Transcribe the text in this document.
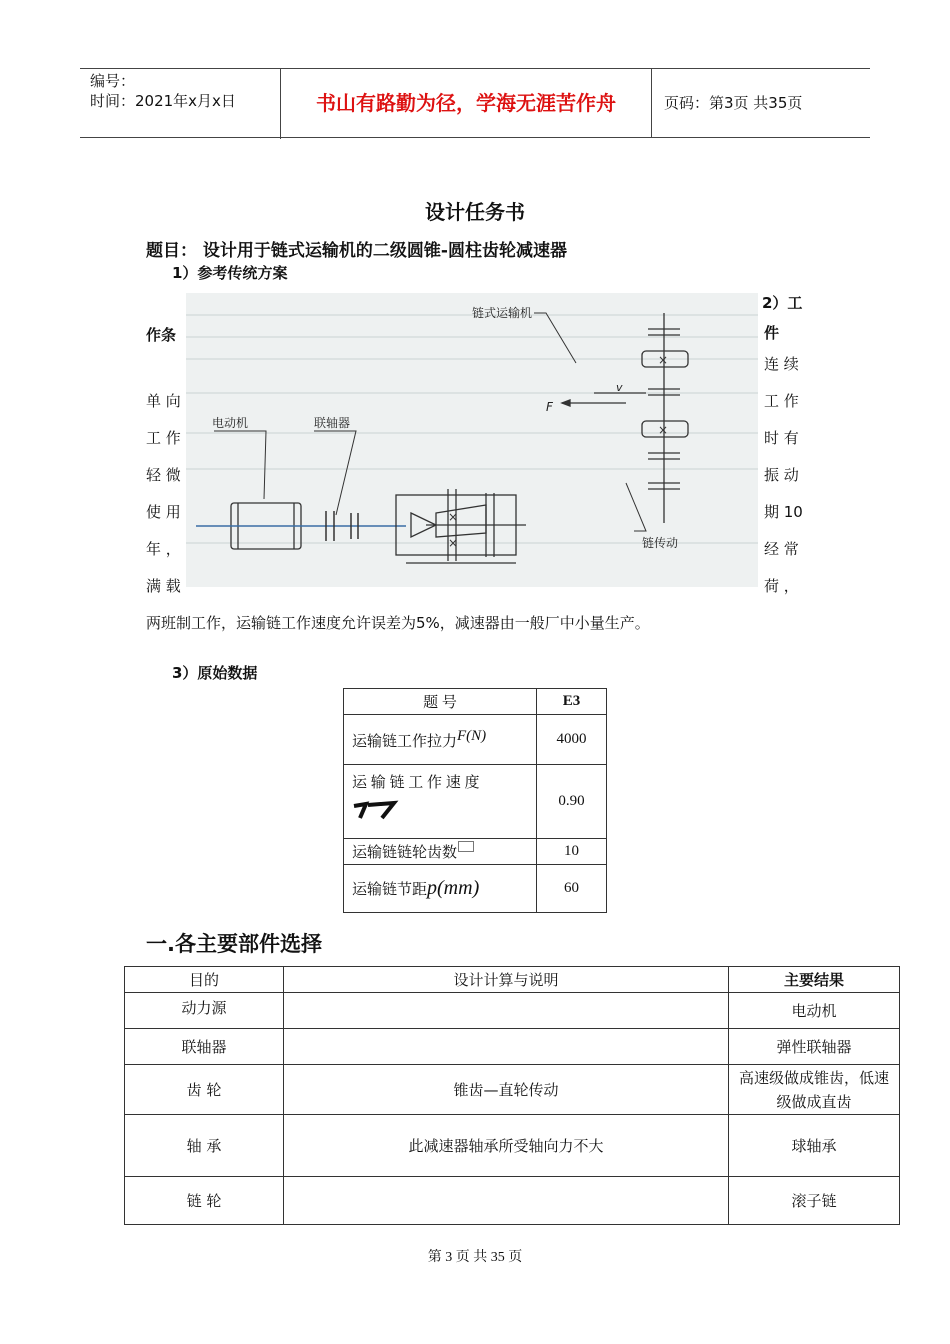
编号：
时间：2021年x月x日	书山有路勤为径，学海无涯苦作舟	页码：第3页 共35页
设计任务书
题目： 设计用于链式运输机的二级圆锥-圆柱齿轮减速器
1）参考传统方案
2）工
件
作条
单 向
工 作
轻 微
使 用
年 ，
满 载
连 续
工 作
时 有
振 动
期 10
经 常
荷 ，
两班制工作，运输链工作速度允许误差为5%，减速器由一般厂中小量生产。
×
×
×
×
电动机	联轴器
链式运输机
链传动
F
v
3）原始数据
题 号	E3
运输链工作拉力F(N)	4000

运 输 链 工 作 速 度	0.90
运输链链轮齿数	10
运输链节距p(mm)	60
一.各主要部件选择
目的	设计计算与说明	主要结果
动力源		电动机
联轴器		弹性联轴器
齿 轮	锥齿—直轮传动	高速级做成锥齿，低速级做成直齿
轴 承	此减速器轴承所受轴向力不大	球轴承
链 轮		滚子链
第 3 页 共 35 页
